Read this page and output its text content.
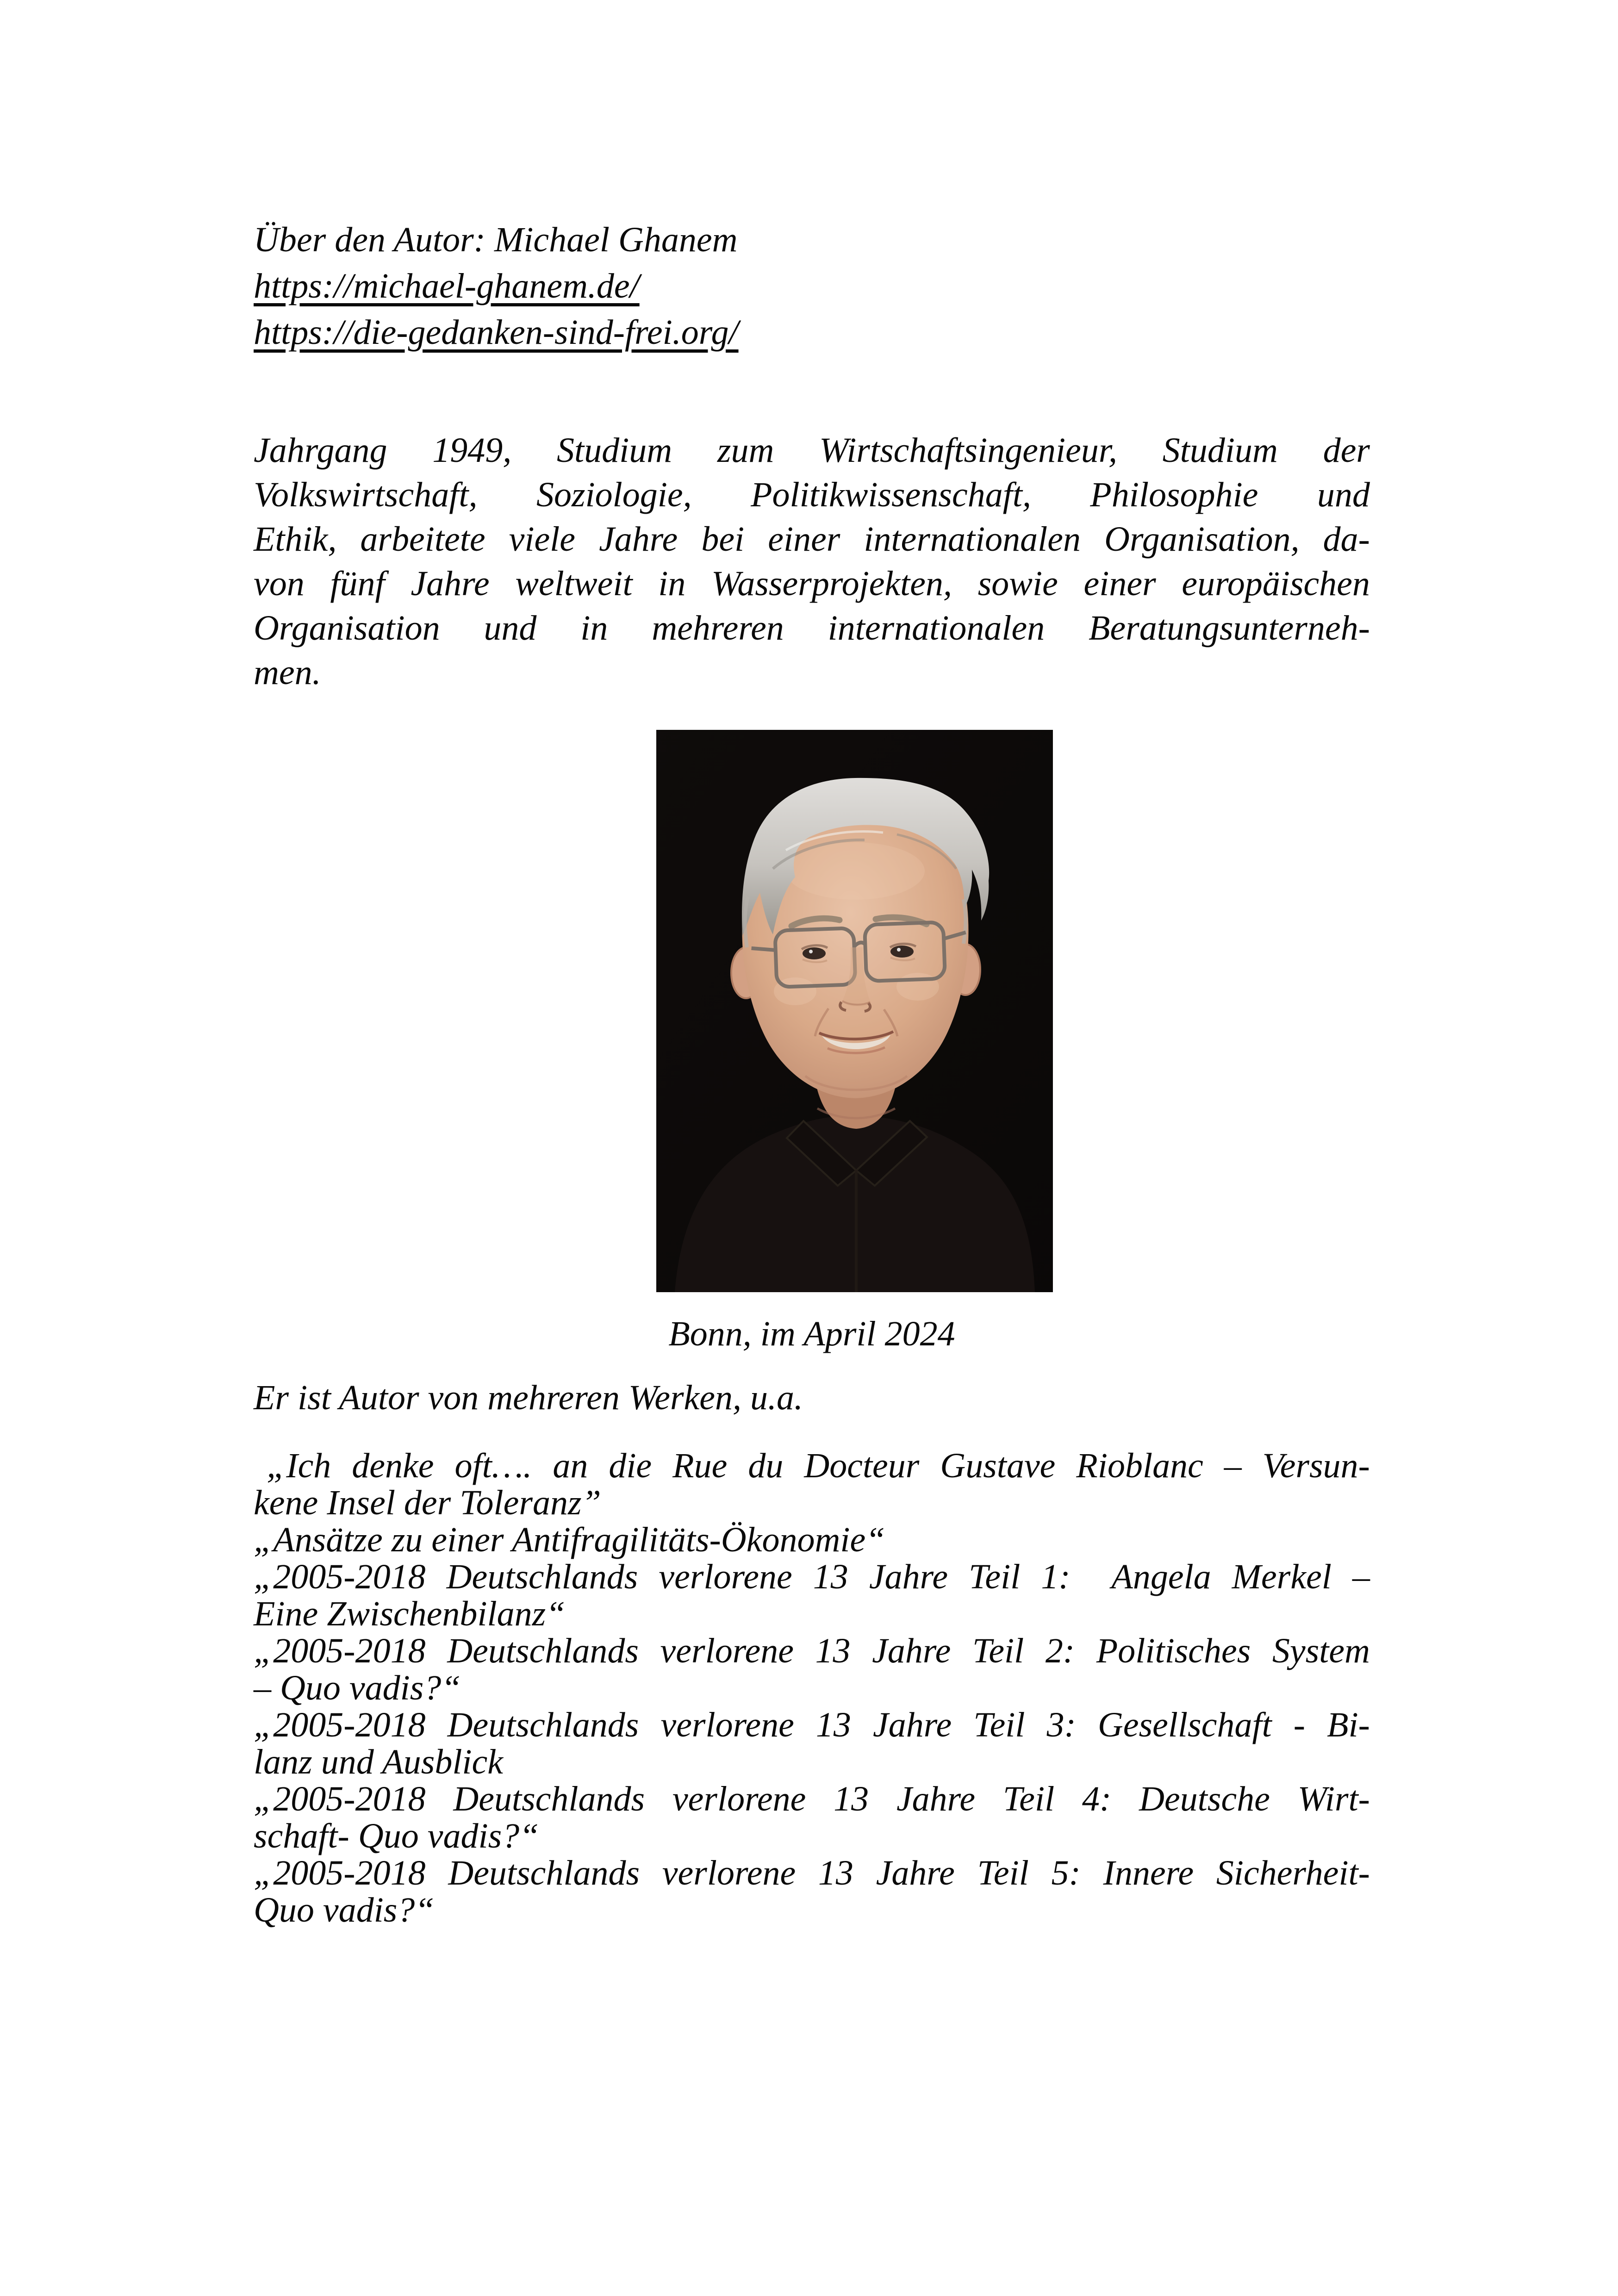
Über den Autor: Michael Ghanem
https://michael-ghanem.de/
https://die-gedanken-sind-frei.org/
Jahrgang 1949, Studium zum Wirtschaftsingenieur, Studium der
Volkswirtschaft, Soziologie, Politikwissenschaft, Philosophie und
Ethik, arbeitete viele Jahre bei einer internationalen Organisation, da-
von fünf Jahre weltweit in Wasserprojekten, sowie einer europäischen
Organisation und in mehreren internationalen Beratungsunterneh-
men.
Bonn, im April 2024
Er ist Autor von mehreren Werken, u.a.
„Ich denke oft…. an die Rue du Docteur Gustave Rioblanc – Versun-
kene Insel der Toleranz”
„Ansätze zu einer Antifragilitäts-Ökonomie“
„2005-2018 Deutschlands verlorene 13 Jahre Teil 1:  Angela Merkel –
Eine Zwischenbilanz“
„2005-2018 Deutschlands verlorene 13 Jahre Teil 2: Politisches System
– Quo vadis?“
„2005-2018 Deutschlands verlorene 13 Jahre Teil 3: Gesellschaft - Bi-
lanz und Ausblick
„2005-2018 Deutschlands verlorene 13 Jahre Teil 4: Deutsche Wirt-
schaft- Quo vadis?“
„2005-2018 Deutschlands verlorene 13 Jahre Teil 5: Innere Sicherheit-
Quo vadis?“
